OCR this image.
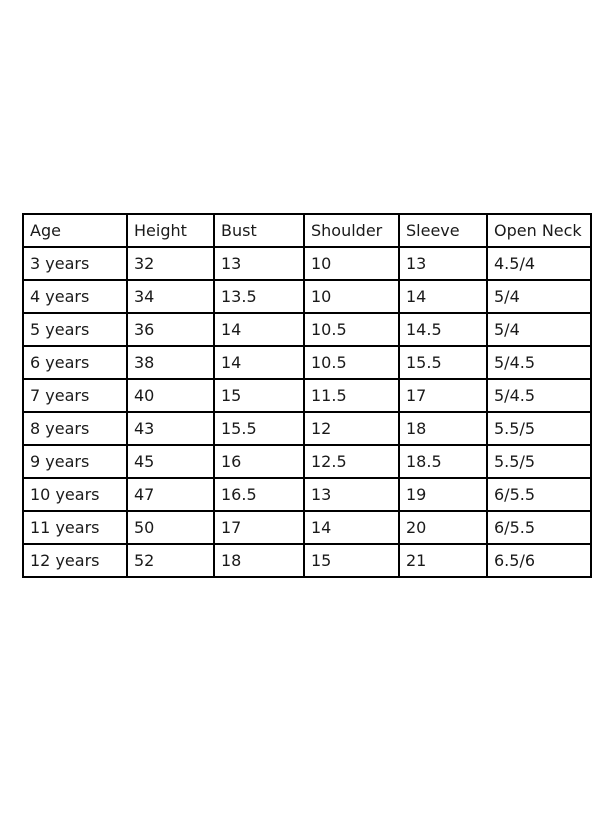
Age	Height	Bust	Shoulder	Sleeve	Open Neck
3 years	32	13	10	13	4.5/4
4 years	34	13.5	10	14	5/4
5 years	36	14	10.5	14.5	5/4
6 years	38	14	10.5	15.5	5/4.5
7 years	40	15	11.5	17	5/4.5
8 years	43	15.5	12	18	5.5/5
9 years	45	16	12.5	18.5	5.5/5
10 years	47	16.5	13	19	6/5.5
11 years	50	17	14	20	6/5.5
12 years	52	18	15	21	6.5/6
